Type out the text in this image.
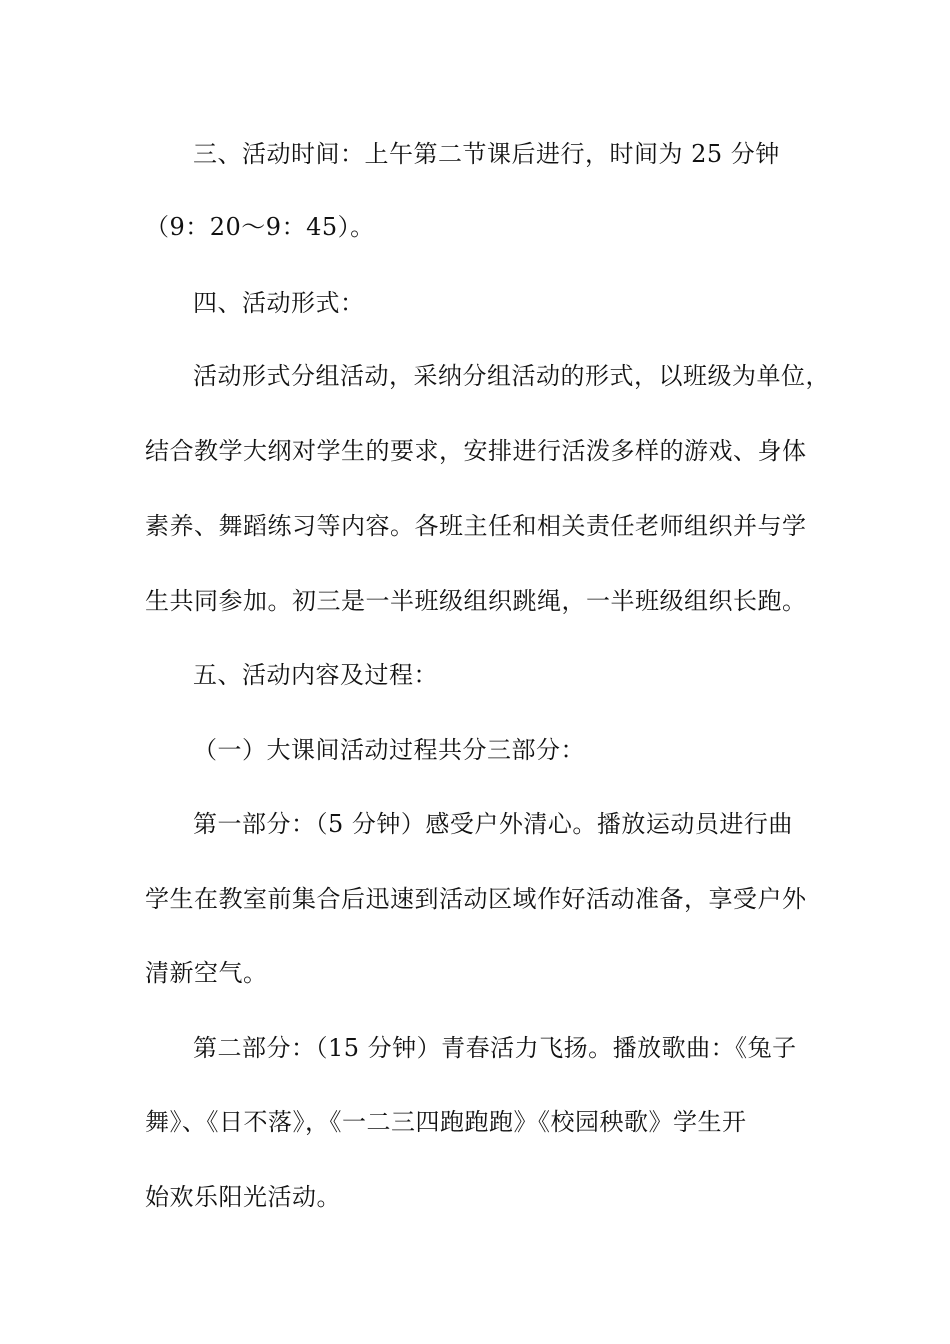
三、活动时间：上午第二节课后进行，时间为 25 分钟
（9：20～9：45）。
四、活动形式：
活动形式分组活动，采纳分组活动的形式，以班级为单位，
结合教学大纲对学生的要求，安排进行活泼多样的游戏、身体
素养、舞蹈练习等内容。各班主任和相关责任老师组织并与学
生共同参加。初三是一半班级组织跳绳，一半班级组织长跑。
五、活动内容及过程：
（一）大课间活动过程共分三部分：
第一部分：（5 分钟）感受户外清心。播放运动员进行曲
学生在教室前集合后迅速到活动区域作好活动准备，享受户外
清新空气。
第二部分：（15 分钟）青春活力飞扬。播放歌曲：《兔子
舞》、《日不落》，《一二三四跑跑跑》《校园秧歌》学生开
始欢乐阳光活动。
